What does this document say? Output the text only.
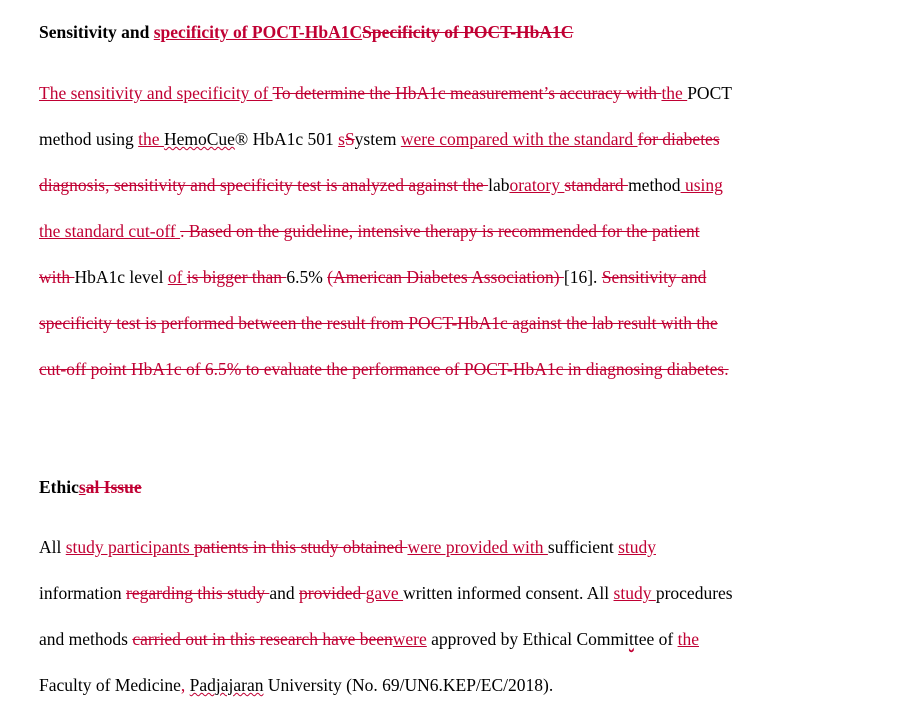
Sensitivity and specificity of POCT-HbA1CSpecificity of POCT-HbA1C
The sensitivity and specificity of To determine the HbA1c measurement’s accuracy with the POCT
method using the HemoCue® HbA1c 501 sSystem were compared with the standard for diabetes
diagnosis, sensitivity and specificity test is analyzed against the laboratory standard method using
the standard cut-off . Based on the guideline, intensive therapy is recommended for the patient
with HbA1c level of is bigger than 6.5% (American Diabetes Association) [16]. Sensitivity and
specificity test is performed between the result from POCT-HbA1c against the lab result with the
cut-off point HbA1c of 6.5% to evaluate the performance of POCT-HbA1c in diagnosing diabetes.
Ethicsal Issue
All study participants patients in this study obtained were provided with sufficient study
information regarding this study and provided gave written informed consent. All study procedures
and methods carried out in this research have beenwere approved by Ethical Committee of the
Faculty of Medicine, Padjajaran University (No. 69/UN6.KEP/EC/2018).
